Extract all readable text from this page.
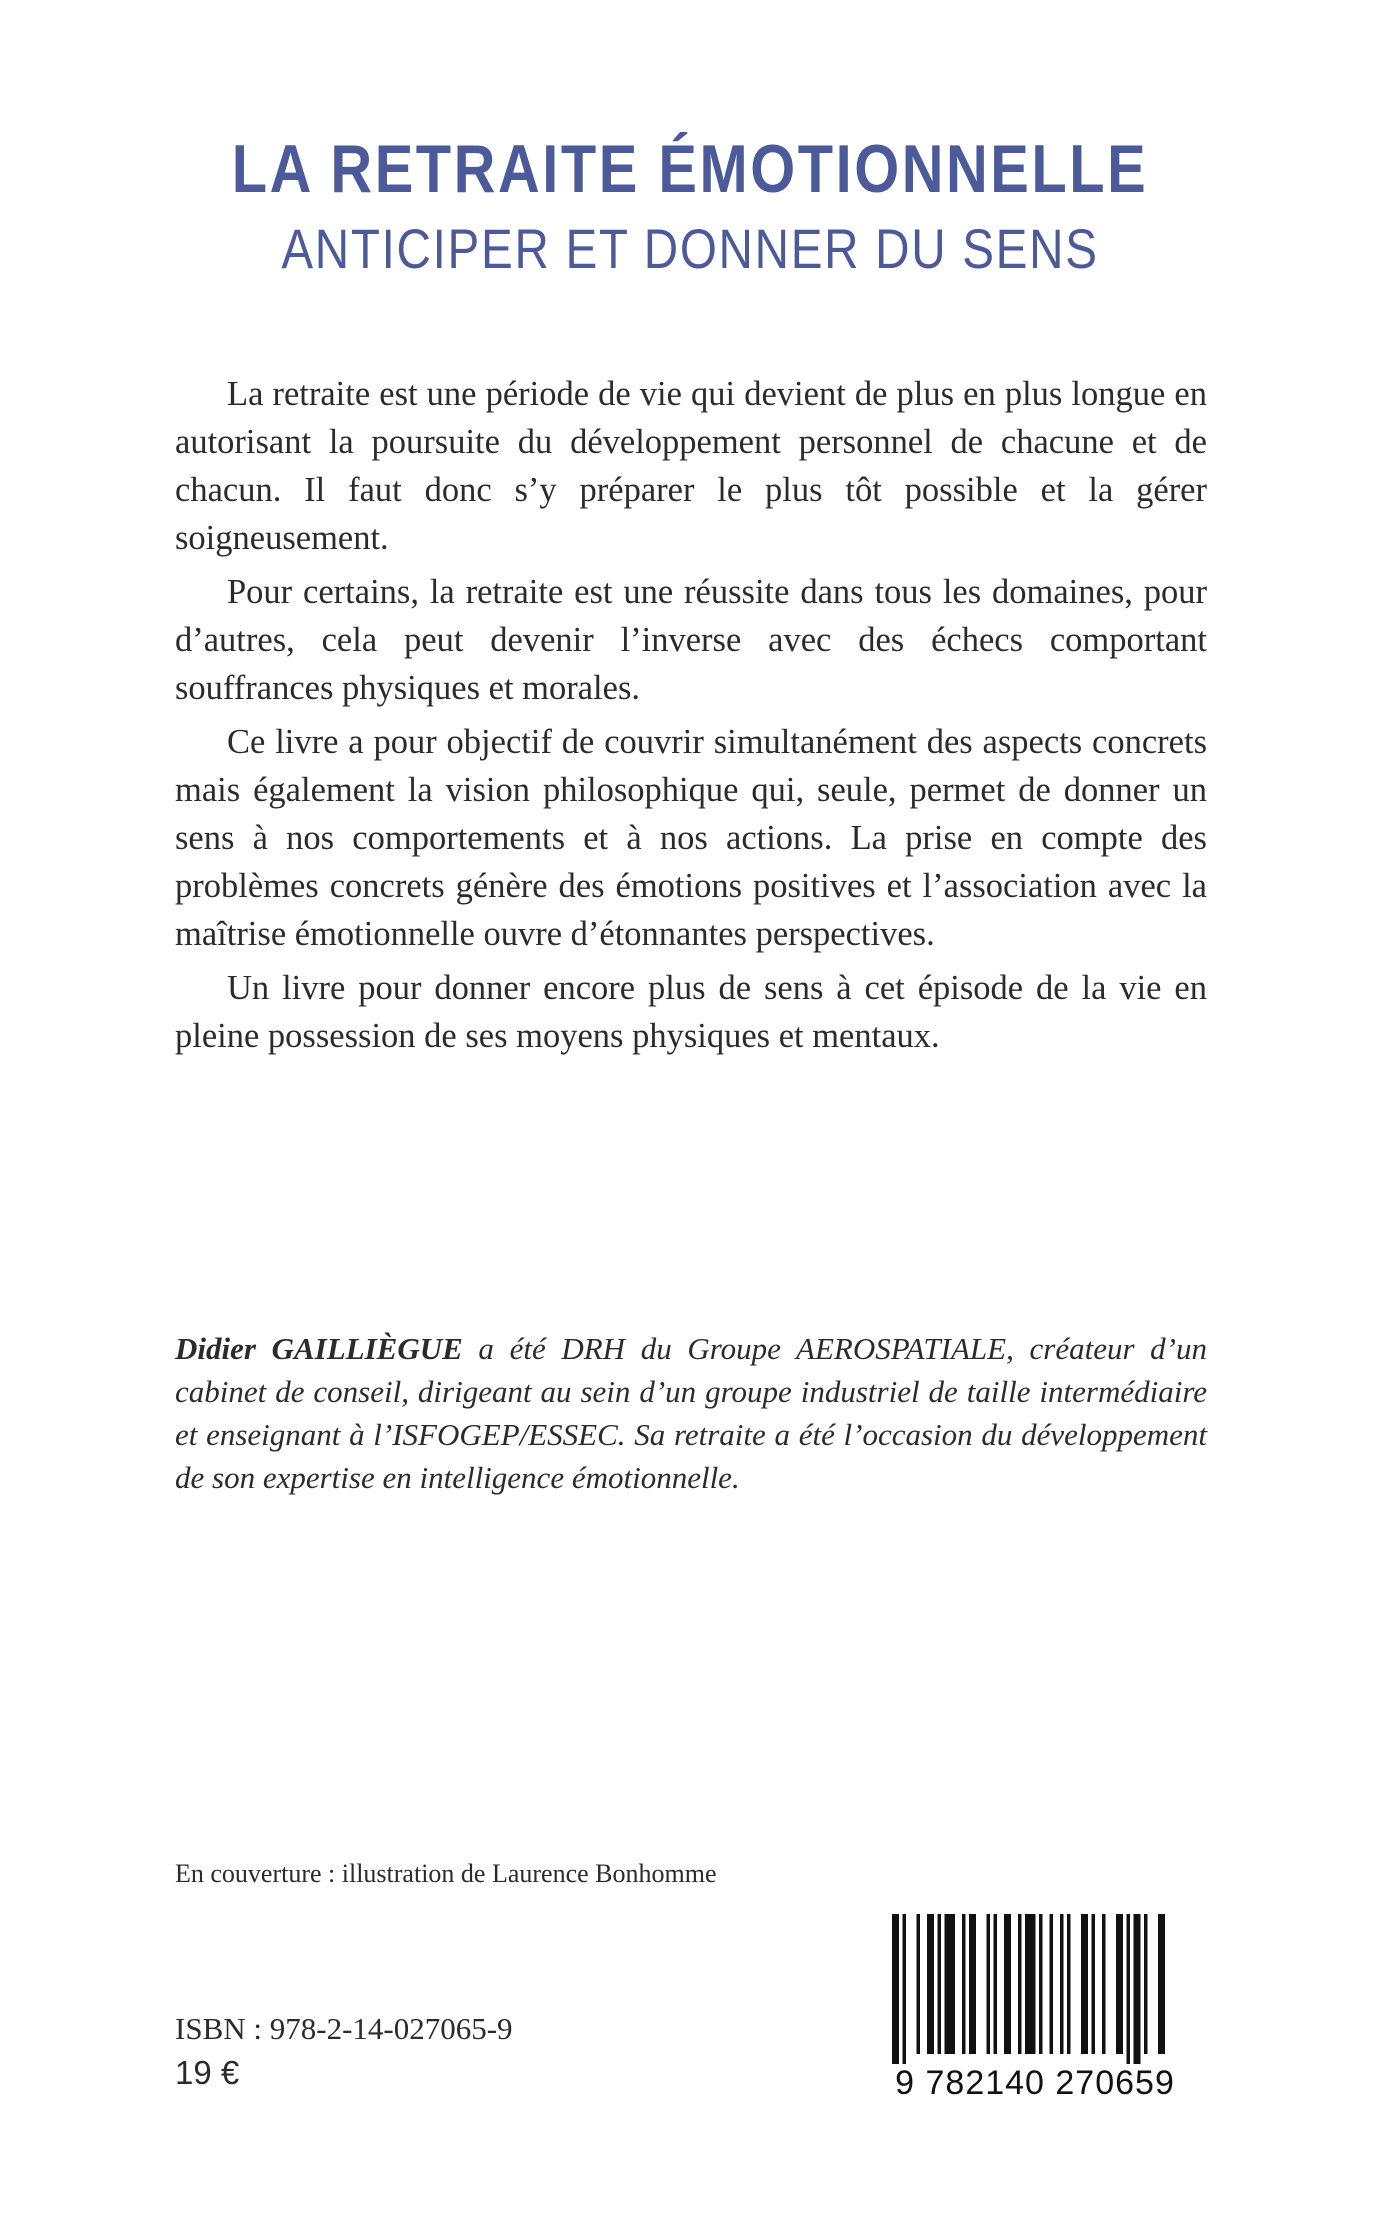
LA RETRAITE ÉMOTIONNELLE
ANTICIPER ET DONNER DU SENS

La retraite est une période de vie qui devient de plus en plus longue en autorisant la poursuite du développement personnel de chacune et de chacun. Il faut donc s’y préparer le plus tôt possible et la gérer soigneusement.

Pour certains, la retraite est une réussite dans tous les domaines, pour d’autres, cela peut devenir l’inverse avec des échecs comportant souffrances physiques et morales.

Ce livre a pour objectif de couvrir simultanément des aspects concrets mais également la vision philosophique qui, seule, permet de donner un sens à nos comportements et à nos actions. La prise en compte des problèmes concrets génère des émotions positives et l’association avec la maîtrise émotionnelle ouvre d’étonnantes perspectives.

Un livre pour donner encore plus de sens à cet épisode de la vie en pleine possession de ses moyens physiques et mentaux.

Didier GAILLIÈGUE a été DRH du Groupe AEROSPATIALE, créateur d’un cabinet de conseil, dirigeant au sein d’un groupe industriel de taille intermédiaire et enseignant à l’ISFOGEP/ESSEC. Sa retraite a été l’occasion du développement de son expertise en intelligence émotionnelle.

En couverture : illustration de Laurence Bonhomme
ISBN : 978-2-14-027065-9
19 €	9 782140 270659
